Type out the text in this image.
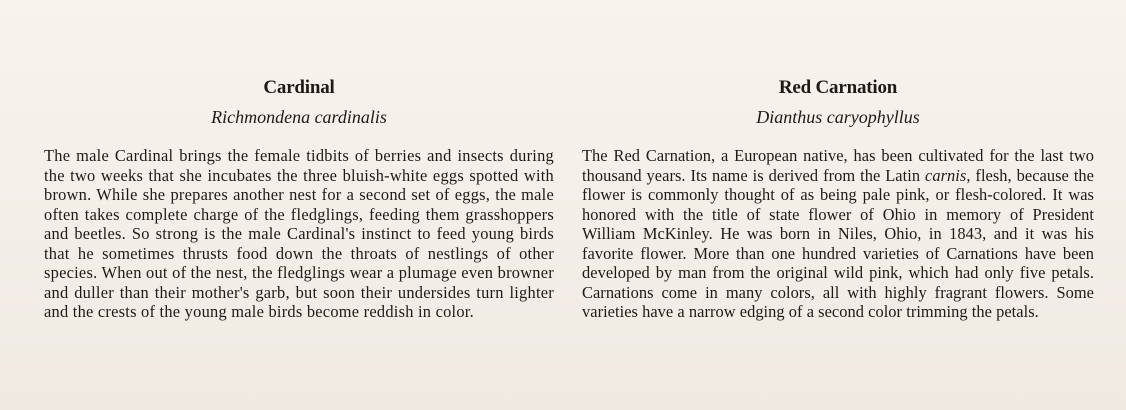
Cardinal

Richmondena cardinalis

The male Cardinal brings the female tidbits of berries and insects during the two weeks that she incubates the three bluish-white eggs spotted with brown. While she prepares another nest for a second set of eggs, the male often takes complete charge of the fledglings, feeding them grasshoppers and beetles. So strong is the male Cardinal's instinct to feed young birds that he sometimes thrusts food down the throats of nestlings of other species. When out of the nest, the fledglings wear a plumage even browner and duller than their mother's garb, but soon their undersides turn lighter and the crests of the young male birds become reddish in color.

Red Carnation

Dianthus caryophyllus

The Red Carnation, a European native, has been cultivated for the last two thousand years. Its name is derived from the Latin carnis, flesh, because the flower is commonly thought of as being pale pink, or flesh-colored. It was honored with the title of state flower of Ohio in memory of President William McKinley. He was born in Niles, Ohio, in 1843, and it was his favorite flower. More than one hundred varieties of Carnations have been developed by man from the original wild pink, which had only five petals. Carnations come in many colors, all with highly fragrant flowers. Some varieties have a narrow edging of a second color trimming the petals.
